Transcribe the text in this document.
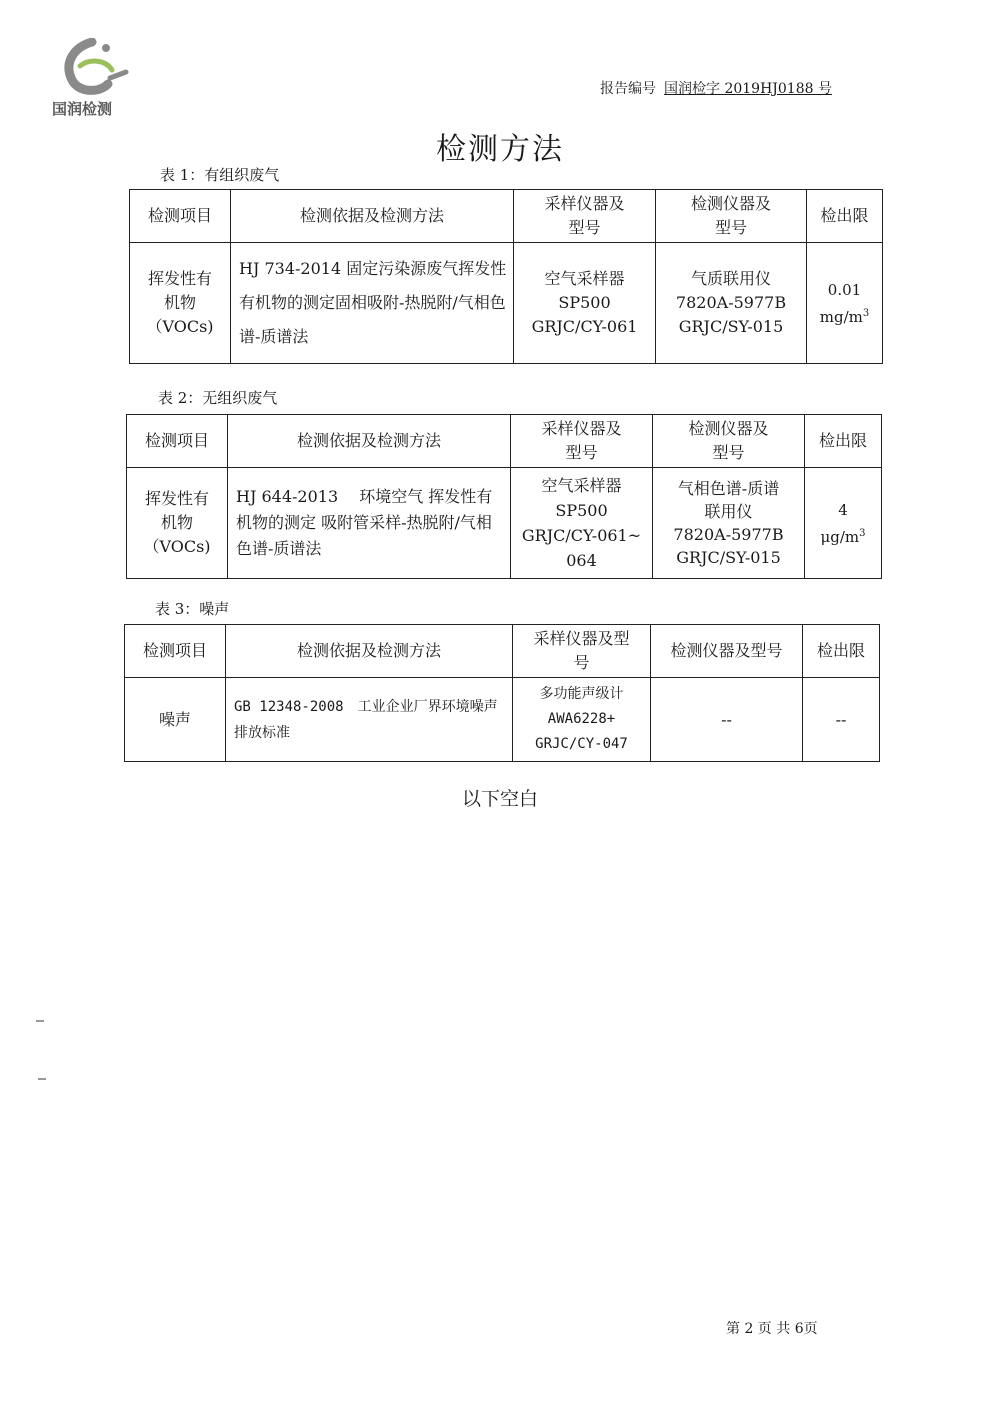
国润检测
报告编号 国润检字 2019HJ0188 号
检测方法
表 1：有组织废气
检测项目	检测依据及检测方法	采样仪器及
型号	检测仪器及
型号	检出限

挥发性有
机物
（VOCs)	HJ 734-2014 固定污染源废气挥发性有机物的测定固相吸附-热脱附/气相色谱-质谱法	空气采样器
SP500
GRJC/CY-061	气质联用仪
7820A-5977B
GRJC/SY-015	0.01
$mg/m^3$
表 2：无组织废气
检测项目	检测依据及检测方法	采样仪器及
型号	检测仪器及
型号	检出限

挥发性有
机物
（VOCs)	HJ 644-2013　 环境空气 挥发性有机物的测定 吸附管采样-热脱附/气相色谱-质谱法	空气采样器
SP500
GRJC/CY-061~
064	气相色谱-质谱
联用仪
7820A-5977B
GRJC/SY-015	4
$\mu g/m^3$
表 3：噪声
检测项目	检测依据及检测方法	采样仪器及型
号	检测仪器及型号	检出限

噪声	GB 12348-2008　工业企业厂界环境噪声排放标准	多功能声级计
AWA6228+
GRJC/CY-047	--	--
以下空白
第 2 页 共 6页
